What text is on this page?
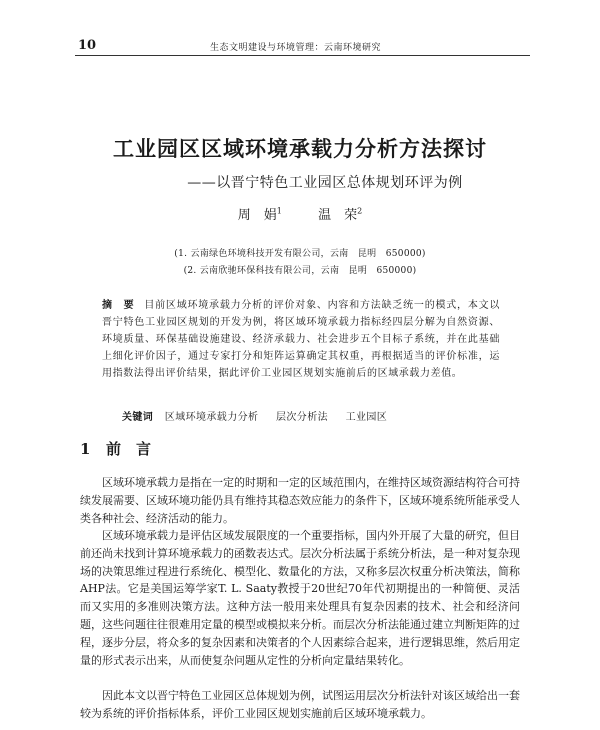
10	生态文明建设与环境管理：云南环境研究
工业园区区域环境承载力分析方法探讨
——以晋宁特色工业园区总体规划环评为例
周　娟$^1$	温　荣$^2$
(1. 云南绿色环境科技开发有限公司，云南　昆明　650000)
(2. 云南欣驰环保科技有限公司，云南　昆明　650000)
摘　要 目前区域环境承载力分析的评价对象、内容和方法缺乏统一的模式，本文以晋宁特色工业园区规划的开发为例，将区域环境承载力指标经四层分解为自然资源、环境质量、环保基础设施建设、经济承载力、社会进步五个目标子系统，并在此基础上细化评价因子，通过专家打分和矩阵运算确定其权重，再根据适当的评价标准，运用指数法得出评价结果，据此评价工业园区规划实施前后的区域承载力差值。
关键词 区域环境承载力分析 层次分析法 工业园区
1 前　言
区域环境承载力是指在一定的时期和一定的区域范围内，在维持区域资源结构符合可持续发展需要、区域环境功能仍具有维持其稳态效应能力的条件下，区域环境系统所能承受人类各种社会、经济活动的能力。
区域环境承载力是评估区域发展限度的一个重要指标，国内外开展了大量的研究，但目前还尚未找到计算环境承载力的函数表达式。层次分析法属于系统分析法，是一种对复杂现场的决策思维过程进行系统化、模型化、数量化的方法，又称多层次权重分析决策法，简称AHP法。它是美国运筹学家T. L. Saaty教授于20世纪70年代初期提出的一种简便、灵活而又实用的多准则决策方法。这种方法一般用来处理具有复杂因素的技术、社会和经济问题，这些问题往往很难用定量的模型或模拟来分析。而层次分析法能通过建立判断矩阵的过程，逐步分层，将众多的复杂因素和决策者的个人因素综合起来，进行逻辑思维，然后用定量的形式表示出来，从而使复杂问题从定性的分析向定量结果转化。
因此本文以晋宁特色工业园区总体规划为例，试图运用层次分析法针对该区域给出一套较为系统的评价指标体系，评价工业园区规划实施前后区域环境承载力。
